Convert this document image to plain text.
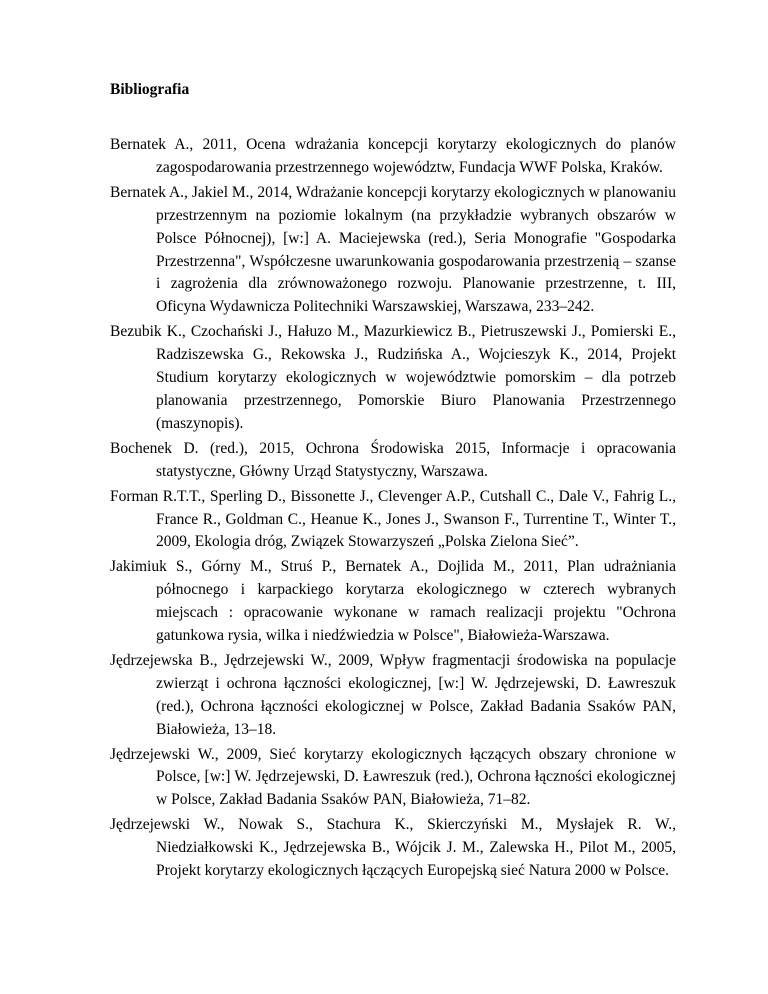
Bibliografia
Bernatek A., 2011, Ocena wdrażania koncepcji korytarzy ekologicznych do planów zagospodarowania przestrzennego województw, Fundacja WWF Polska, Kraków.
Bernatek A., Jakiel M., 2014, Wdrażanie koncepcji korytarzy ekologicznych w planowaniu przestrzennym na poziomie lokalnym (na przykładzie wybranych obszarów w Polsce Północnej), [w:] A. Maciejewska (red.), Seria Monografie "Gospodarka Przestrzenna", Współczesne uwarunkowania gospodarowania przestrzenią – szanse i zagrożenia dla zrównoważonego rozwoju. Planowanie przestrzenne, t. III, Oficyna Wydawnicza Politechniki Warszawskiej, Warszawa, 233–242.
Bezubik K., Czochański J., Hałuzo M., Mazurkiewicz B., Pietruszewski J., Pomierski E., Radziszewska G., Rekowska J., Rudzińska A., Wojcieszyk K., 2014, Projekt Studium korytarzy ekologicznych w województwie pomorskim – dla potrzeb planowania przestrzennego, Pomorskie Biuro Planowania Przestrzennego (maszynopis).
Bochenek D. (red.), 2015, Ochrona Środowiska 2015, Informacje i opracowania statystyczne, Główny Urząd Statystyczny, Warszawa.
Forman R.T.T., Sperling D., Bissonette J., Clevenger A.P., Cutshall C., Dale V., Fahrig L., France R., Goldman C., Heanue K., Jones J., Swanson F., Turrentine T., Winter T., 2009, Ekologia dróg, Związek Stowarzyszeń „Polska Zielona Sieć”.
Jakimiuk S., Górny M., Struś P., Bernatek A., Dojlida M., 2011, Plan udrażniania północnego i karpackiego korytarza ekologicznego w czterech wybranych miejscach : opracowanie wykonane w ramach realizacji projektu "Ochrona gatunkowa rysia, wilka i niedźwiedzia w Polsce", Białowieża-Warszawa.
Jędrzejewska B., Jędrzejewski W., 2009, Wpływ fragmentacji środowiska na populacje zwierząt i ochrona łączności ekologicznej, [w:] W. Jędrzejewski, D. Ławreszuk (red.), Ochrona łączności ekologicznej w Polsce, Zakład Badania Ssaków PAN, Białowieża, 13–18.
Jędrzejewski W., 2009, Sieć korytarzy ekologicznych łączących obszary chronione w Polsce, [w:] W. Jędrzejewski, D. Ławreszuk (red.), Ochrona łączności ekologicznej w Polsce, Zakład Badania Ssaków PAN, Białowieża, 71–82.
Jędrzejewski W., Nowak S., Stachura K., Skierczyński M., Mysłajek R. W., Niedziałkowski K., Jędrzejewska B., Wójcik J. M., Zalewska H., Pilot M., 2005, Projekt korytarzy ekologicznych łączących Europejską sieć Natura 2000 w Polsce.
